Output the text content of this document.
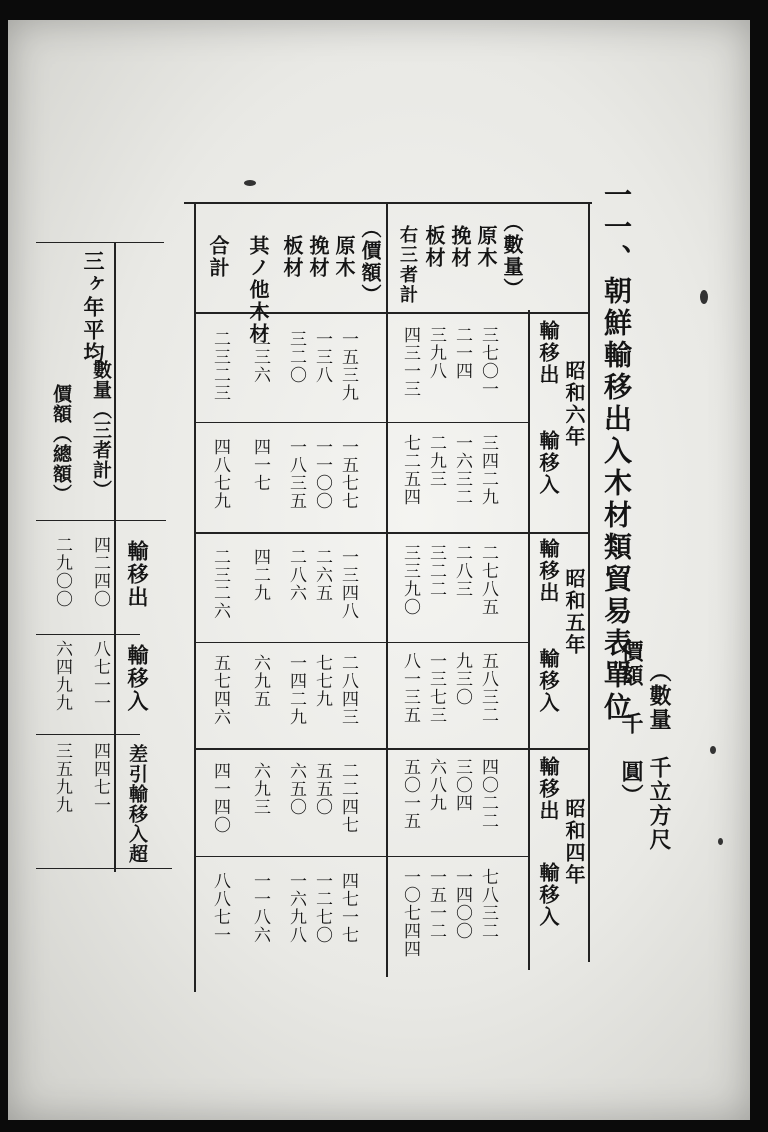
一一、朝鮮輸移出入木材類貿易表單位
（數量　千立方尺
價額　千　圓）
（數量）
（價額）	原木
挽材
板材
右三者計
原木
挽材
板材
其ノ他木材
合計
昭和六年
昭和五年
昭和四年
輸移出
輸移入
輸移出
輸移入
輸移出
輸移入
三七〇一
二一四
三九八
四三一三
三四二九
一六三二
二九三
七二五四
二七八五
二八三
三二二
三三九〇
五八三二
九三〇
一三七三
八一三五
四〇二二
三〇四
六八九
五〇一五
七八三二
一四〇〇
一五一二
一〇七四四
一五三九
一三八
三二〇
二三六
二三二三
一五七七
一一〇〇
一八三五
四一七
四八七九
一三四八
二六五
二八六
四二九
二三二六
二八四三
七七九
一四二九
六九五
五七四六
二二四七
五五〇
六五〇
六九三
四一四〇
四七一七
一二七〇
一六九八
一一八六
八八七一
三ヶ年平均
數量（三者計）
價額（總額）
輸移出
輸移入
差引輸移入超
四二四〇
二九〇〇
八七一一
六四九九
四四七一
三五九九
